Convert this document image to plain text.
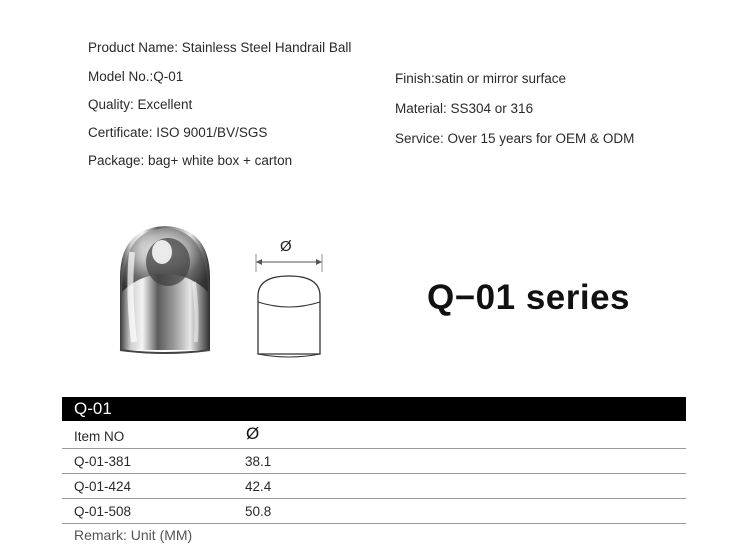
Product Name: Stainless Steel Handrail Ball
Model No.:Q-01
Quality: Excellent
Certificate: ISO 9001/BV/SGS
Package: bag+ white box + carton
Finish:satin or mirror surface
Material: SS304 or 316
Service: Over 15 years for OEM & ODM
Ø
Q−01 series
Q-01
Item NO	Ø
Q-01-381	38.1
Q-01-424	42.4
Q-01-508	50.8
Remark: Unit (MM)
